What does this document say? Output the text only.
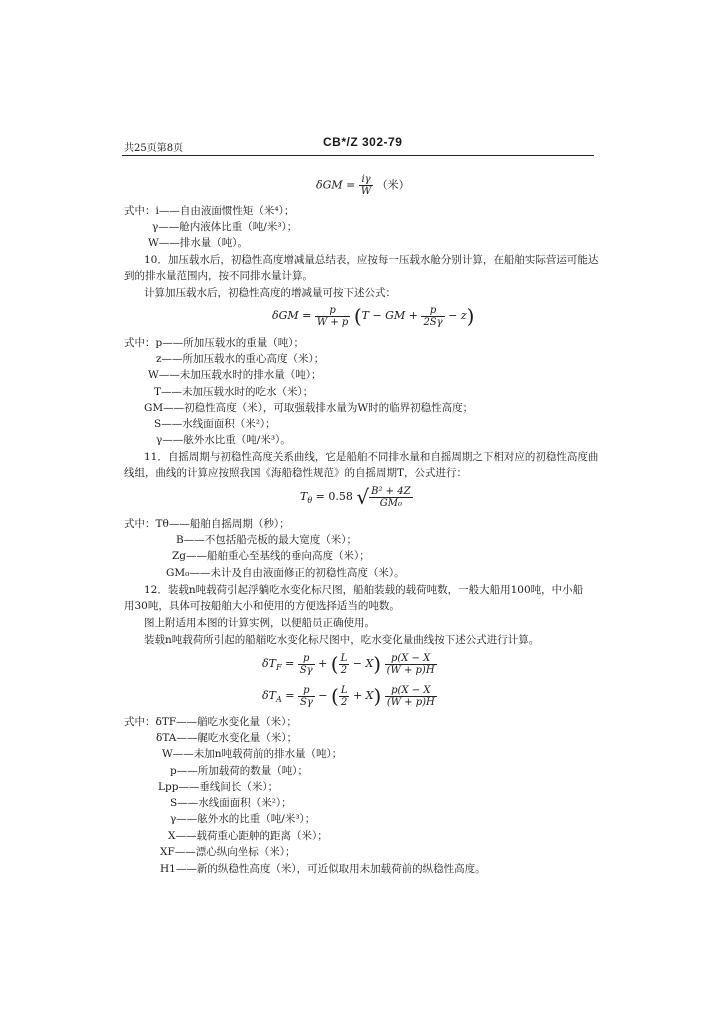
共25页第8页	CB*/Z 302-79
$\delta GM = \frac{i\gamma}{W}$ （米）
式中：i——自由液面惯性矩（米⁴）；
γ——舱内液体比重（吨/米³）；
W——排水量（吨）。
10．加压载水后，初稳性高度增减量总结表，应按每一压载水舱分别计算，在船舶实际营运可能达
到的排水量范围内，按不同排水量计算。
计算加压载水后，初稳性高度的增减量可按下述公式：
$\delta GM = \frac{p}{W + p} (T$ − GM + $\frac{p}{2S\gamma} - z$)
式中：p——所加压载水的重量（吨）；
z——所加压载水的重心高度（米）；
W——未加压载水时的排水量（吨）；
T——未加压载水时的吃水（米）；
GM——初稳性高度（米），可取强载排水量为W时的临界初稳性高度；
S——水线面面积（米²）；
γ——舷外水比重（吨/米³）。
11．自摇周期与初稳性高度关系曲线，它是船舶不同排水量和自摇周期之下相对应的初稳性高度曲
线组，曲线的计算应按照我国《海船稳性规范》的自摇周期T，公式进行：
$T_\theta = 0.58$ √ $\frac{\text{B² + 4Z}}{\text{GM₀}}$
式中：Tθ——船舶自摇周期（秒）；
B——不包括船壳板的最大宽度（米）；
Zg——船舶重心至基线的垂向高度（米）；
GM₀——未计及自由液面修正的初稳性高度（米）。
12．装载n吨载荷引起浮躺吃水变化标尺图，船舶装载的载荷吨数，一般大船用100吨，中小船
用30吨，具体可按船舶大小和使用的方便选择适当的吨数。
图上附适用本图的计算实例，以便船员正确使用。
装载n吨载荷所引起的船艏吃水变化标尺图中，吃水变化量曲线按下述公式进行计算。
$\delta T_F = \frac{p}{S\gamma}$ + ( $\frac{L}{2} - X) \frac{p(X - X}{(W + p)H}$
$\delta T_A = \frac{p}{S\gamma}$ − ( $\frac{L}{2} + X) \frac{p(X - X}{(W + p)H}$
式中：δTF——艏吃水变化量（米）；
δTA——艉吃水变化量（米）；
W——未加n吨载荷前的排水量（吨）；
p——所加载荷的数量（吨）；
Lpp——垂线间长（米）；
S——水线面面积（米²）；
γ——舷外水的比重（吨/米³）；
X——载荷重心距舯的距离（米）；
XF——漂心纵向坐标（米）；
H1——新的纵稳性高度（米），可近似取用未加载荷前的纵稳性高度。
